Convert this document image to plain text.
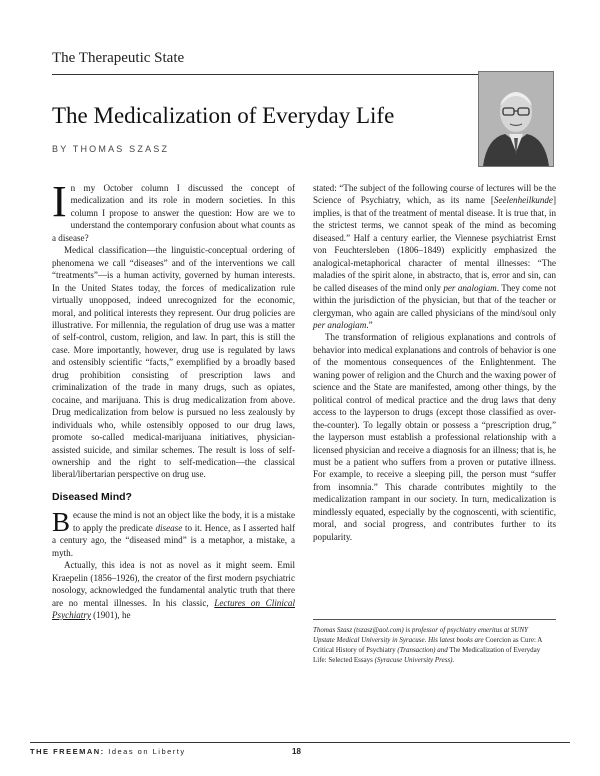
The Therapeutic State
The Medicalization of Everyday Life
BY THOMAS SZASZ

In my October column I discussed the concept of medicalization and its role in modern societies. In this column I propose to answer the question: How are we to understand the contemporary confusion about what counts as a disease?

Medical classification—the linguistic-conceptual ordering of phenomena we call “diseases” and of the interventions we call “treatments”—is a human activity, governed by human interests. In the United States today, the forces of medicalization rule virtually unopposed, indeed unrecognized for the economic, moral, and political interests they represent. Our drug policies are illustrative. For millennia, the regulation of drug use was a matter of self-control, custom, religion, and law. In part, this is still the case. More importantly, however, drug use is regulated by laws and ostensibly scientific “facts,” exemplified by a broadly based drug prohibition consisting of prescription laws and criminalization of the trade in many drugs, such as opiates, cocaine, and marijuana. This is drug medicalization from above. Drug medicalization from below is pursued no less zealously by individuals who, while ostensibly opposed to our drug laws, promote so-called medical-marijuana initiatives, physician-assisted suicide, and similar schemes. The result is loss of self-ownership and the right to self-medication—the classical liberal/libertarian perspective on drug use.

Diseased Mind?

Because the mind is not an object like the body, it is a mistake to apply the predicate disease to it. Hence, as I asserted half a century ago, the “diseased mind” is a metaphor, a mistake, a myth.

Actually, this idea is not as novel as it might seem. Emil Kraepelin (1856–1926), the creator of the first modern psychiatric nosology, acknowledged the fundamental analytic truth that there are no mental illnesses. In his classic, Lectures on Clinical Psychiatry (1901), he

stated: “The subject of the following course of lectures will be the Science of Psychiatry, which, as its name [Seelenheilkunde] implies, is that of the treatment of mental disease. It is true that, in the strictest terms, we cannot speak of the mind as becoming diseased.” Half a century earlier, the Viennese psychiatrist Ernst von Feuchtersleben (1806–1849) explicitly emphasized the analogical-metaphorical character of mental illnesses: “The maladies of the spirit alone, in abstracto, that is, error and sin, can be called diseases of the mind only per analogiam. They come not within the jurisdiction of the physician, but that of the teacher or clergyman, who again are called physicians of the mind/soul only per analogiam.”

The transformation of religious explanations and controls of behavior into medical explanations and controls of behavior is one of the momentous consequences of the Enlightenment. The waning power of religion and the Church and the waxing power of science and the State are manifested, among other things, by the political control of medical practice and the drug laws that deny access to the layperson to drugs (except those classified as over-the-counter). To legally obtain or possess a “prescription drug,” the layperson must establish a professional relationship with a licensed physician and receive a diagnosis for an illness; that is, he must be a patient who suffers from a proven or putative illness. For example, to receive a sleeping pill, the person must “suffer from insomnia.” This charade contributes mightily to the medicalization rampant in our society. In turn, medicalization is mindlessly equated, especially by the cognoscenti, with scientific, moral, and social progress, and contributes further to its popularity.

Thomas Szasz (tszasz@aol.com) is professor of psychiatry emeritus at SUNY Upstate Medical University in Syracuse. His latest books are Coercion as Cure: A Critical History of Psychiatry (Transaction) and The Medicalization of Everyday Life: Selected Essays (Syracuse University Press).
THE FREEMAN: Ideas on Liberty	18
